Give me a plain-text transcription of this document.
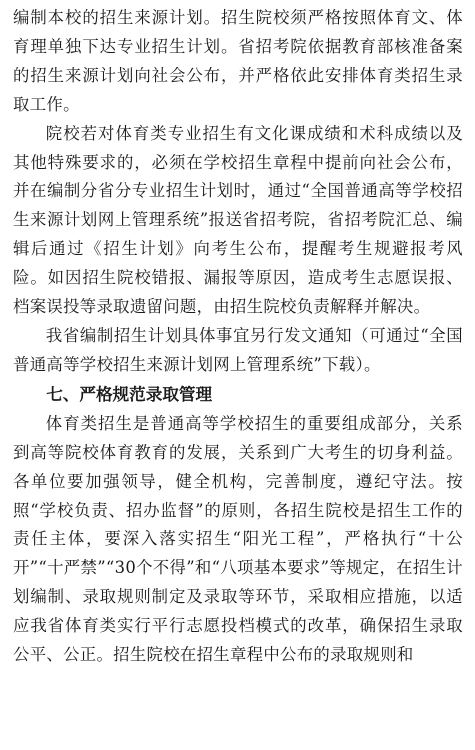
编制本校的招生来源计划。招生院校须严格按照体育文、体育理单独下达专业招生计划。省招考院依据教育部核准备案的招生来源计划向社会公布，并严格依此安排体育类招生录取工作。

院校若对体育类专业招生有文化课成绩和术科成绩以及其他特殊要求的，必须在学校招生章程中提前向社会公布，并在编制分省分专业招生计划时，通过“全国普通高等学校招生来源计划网上管理系统”报送省招考院，省招考院汇总、编辑后通过《招生计划》向考生公布，提醒考生规避报考风险。如因招生院校错报、漏报等原因，造成考生志愿误报、档案误投等录取遗留问题，由招生院校负责解释并解决。

我省编制招生计划具体事宜另行发文通知（可通过“全国普通高等学校招生来源计划网上管理系统”下载）。

七、严格规范录取管理

体育类招生是普通高等学校招生的重要组成部分，关系到高等院校体育教育的发展，关系到广大考生的切身利益。各单位要加强领导，健全机构，完善制度，遵纪守法。按照“学校负责、招办监督”的原则，各招生院校是招生工作的责任主体，要深入落实招生“阳光工程”，严格执行“十公开”“十严禁”“30个不得”和“八项基本要求”等规定，在招生计划编制、录取规则制定及录取等环节，采取相应措施，以适应我省体育类实行平行志愿投档模式的改革，确保招生录取公平、公正。招生院校在招生章程中公布的录取规则和
